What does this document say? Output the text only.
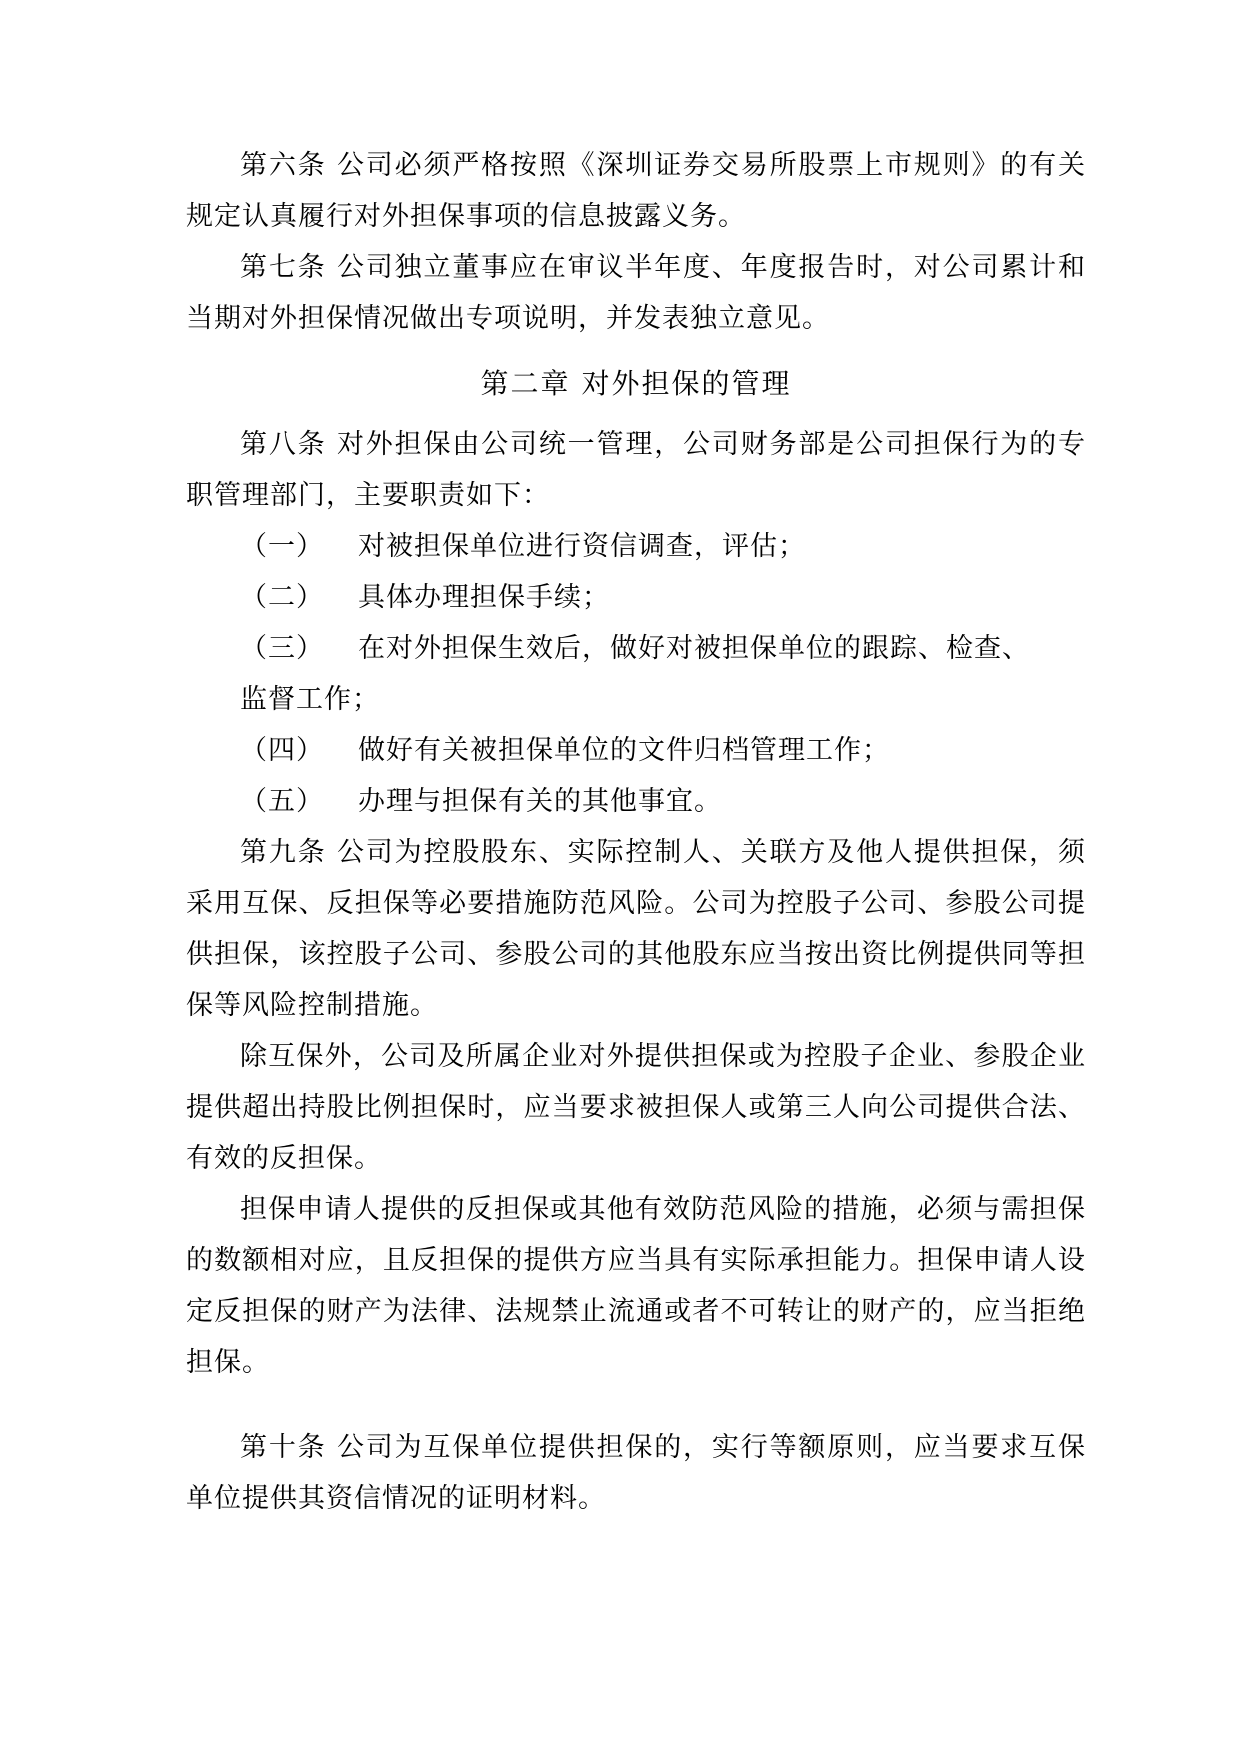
第六条 公司必须严格按照《深圳证券交易所股票上市规则》的有关规定认真履行对外担保事项的信息披露义务。

第七条 公司独立董事应在审议半年度、年度报告时，对公司累计和当期对外担保情况做出专项说明，并发表独立意见。

第二章 对外担保的管理

第八条 对外担保由公司统一管理，公司财务部是公司担保行为的专职管理部门，主要职责如下：

（一） 对被担保单位进行资信调查，评估；
（二） 具体办理担保手续；
（三） 在对外担保生效后，做好对被担保单位的跟踪、检查、
监督工作；
（四） 做好有关被担保单位的文件归档管理工作；
（五） 办理与担保有关的其他事宜。

第九条 公司为控股股东、实际控制人、关联方及他人提供担保，须采用互保、反担保等必要措施防范风险。公司为控股子公司、参股公司提供担保，该控股子公司、参股公司的其他股东应当按出资比例提供同等担保等风险控制措施。

除互保外，公司及所属企业对外提供担保或为控股子企业、参股企业提供超出持股比例担保时，应当要求被担保人或第三人向公司提供合法、有效的反担保。

担保申请人提供的反担保或其他有效防范风险的措施，必须与需担保的数额相对应，且反担保的提供方应当具有实际承担能力。担保申请人设定反担保的财产为法律、法规禁止流通或者不可转让的财产的，应当拒绝担保。

第十条 公司为互保单位提供担保的，实行等额原则，应当要求互保单位提供其资信情况的证明材料。
